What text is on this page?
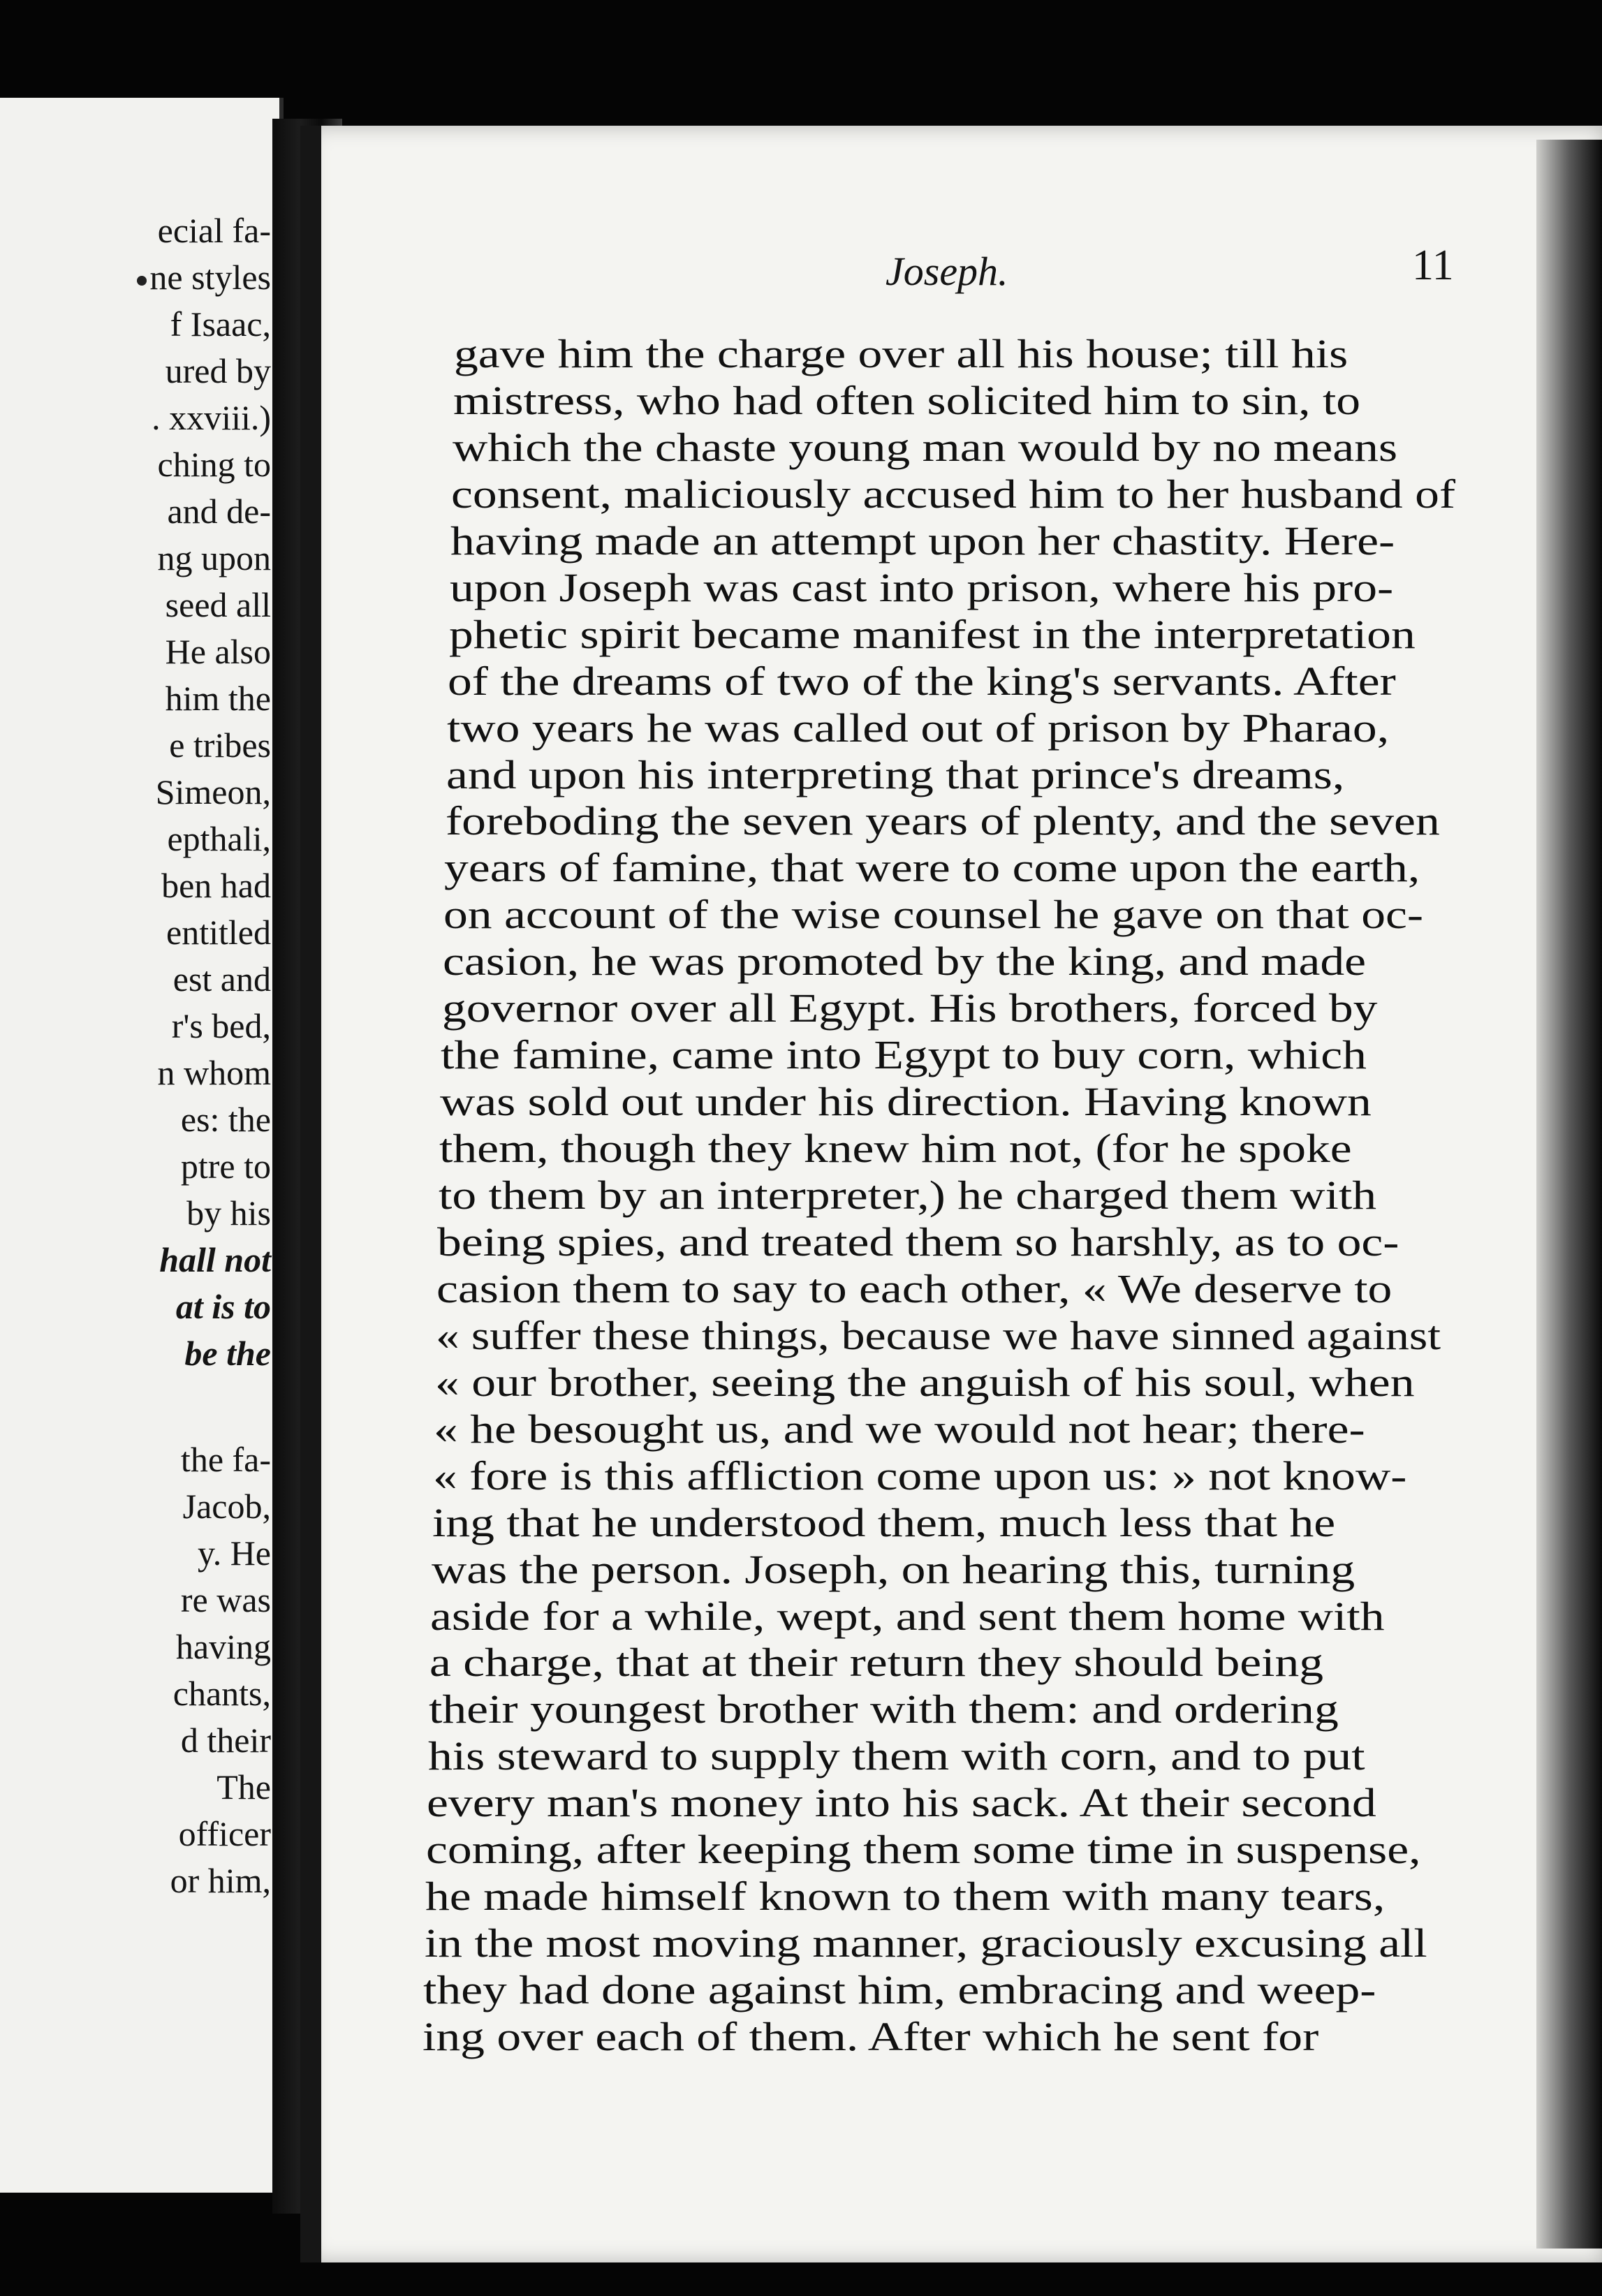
ecial fa-
ne styles
f Isaac,
ured by
. xxviii.)
ching to
and de-
ng upon
seed all
He also
him the
e tribes
Simeon,
epthali,
ben had
entitled
est and
r's bed,
n whom
es: the
ptre to
by his
hall not
at is to
be the
the fa-
Jacob,
y. He
re was
having
chants,
d their
The
officer
or him,
Joseph.	11
gave him the charge over all his house; till his
mistress, who had often solicited him to sin, to
which the chaste young man would by no means
consent, maliciously accused him to her husband of
having made an attempt upon her chastity. Here-
upon Joseph was cast into prison, where his pro-
phetic spirit became manifest in the interpretation
of the dreams of two of the king's servants. After
two years he was called out of prison by Pharao,
and upon his interpreting that prince's dreams,
foreboding the seven years of plenty, and the seven
years of famine, that were to come upon the earth,
on account of the wise counsel he gave on that oc-
casion, he was promoted by the king, and made
governor over all Egypt. His brothers, forced by
the famine, came into Egypt to buy corn, which
was sold out under his direction. Having known
them, though they knew him not, (for he spoke
to them by an interpreter,) he charged them with
being spies, and treated them so harshly, as to oc-
casion them to say to each other, « We deserve to
« suffer these things, because we have sinned against
« our brother, seeing the anguish of his soul, when
« he besought us, and we would not hear; there-
« fore is this affliction come upon us: » not know-
ing that he understood them, much less that he
was the person. Joseph, on hearing this, turning
aside for a while, wept, and sent them home with
a charge, that at their return they should being
their youngest brother with them: and ordering
his steward to supply them with corn, and to put
every man's money into his sack. At their second
coming, after keeping them some time in suspense,
he made himself known to them with many tears,
in the most moving manner, graciously excusing all
they had done against him, embracing and weep-
ing over each of them. After which he sent for
